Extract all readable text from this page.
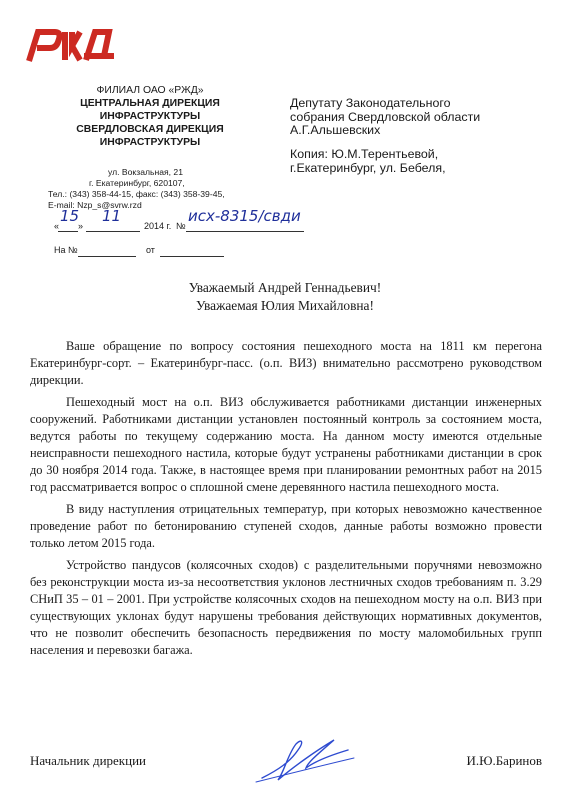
ФИЛИАЛ ОАО «РЖД»
ЦЕНТРАЛЬНАЯ ДИРЕКЦИЯ
ИНФРАСТРУКТУРЫ
СВЕРДЛОВСКАЯ ДИРЕКЦИЯ
ИНФРАСТРУКТУРЫ
ул. Вокзальная, 21
г. Екатеринбург, 620107,
Тел.: (343) 358-44-15, факс: (343) 358-39-45,
E-mail: Nzp_s@svrw.rzd
«
15
»
11
2014 г. №
исх-8315/свди
На №	от
Депутату Законодательного
собрания Свердловской области
А.Г.Альшевских
Копия: Ю.М.Терентьевой,
г.Екатеринбург, ул. Бебеля,
Уважаемый Андрей Геннадьевич!
Уважаемая Юлия Михайловна!

Ваше обращение по вопросу состояния пешеходного моста на 1811 км перегона Екатеринбург-сорт. – Екатеринбург-пасс. (о.п. ВИЗ) внимательно рассмотрено руководством дирекции.

Пешеходный мост на о.п. ВИЗ обслуживается работниками дистанции инженерных сооружений. Работниками дистанции установлен постоянный контроль за состоянием моста, ведутся работы по текущему содержанию моста. На данном мосту имеются отдельные неисправности пешеходного настила, которые будут устранены работниками дистанции в срок до 30 ноября 2014 года. Также, в настоящее время при планировании ремонтных работ на 2015 год рассматривается вопрос о сплошной смене деревянного настила пешеходного моста.

В виду наступления отрицательных температур, при которых невозможно качественное проведение работ по бетонированию ступеней сходов, данные работы возможно провести только летом 2015 года.

Устройство пандусов (колясочных сходов) с разделительными поручнями невозможно без реконструкции моста из-за несоответствия уклонов лестничных сходов требованиям п. 3.29 СНиП 35 – 01 – 2001. При устройстве колясочных сходов на пешеходном мосту на о.п. ВИЗ при существующих уклонах будут нарушены требования действующих нормативных документов, что не позволит обеспечить безопасность передвижения по мосту маломобильных групп населения и перевозки багажа.

Начальник дирекции	И.Ю.Баринов
